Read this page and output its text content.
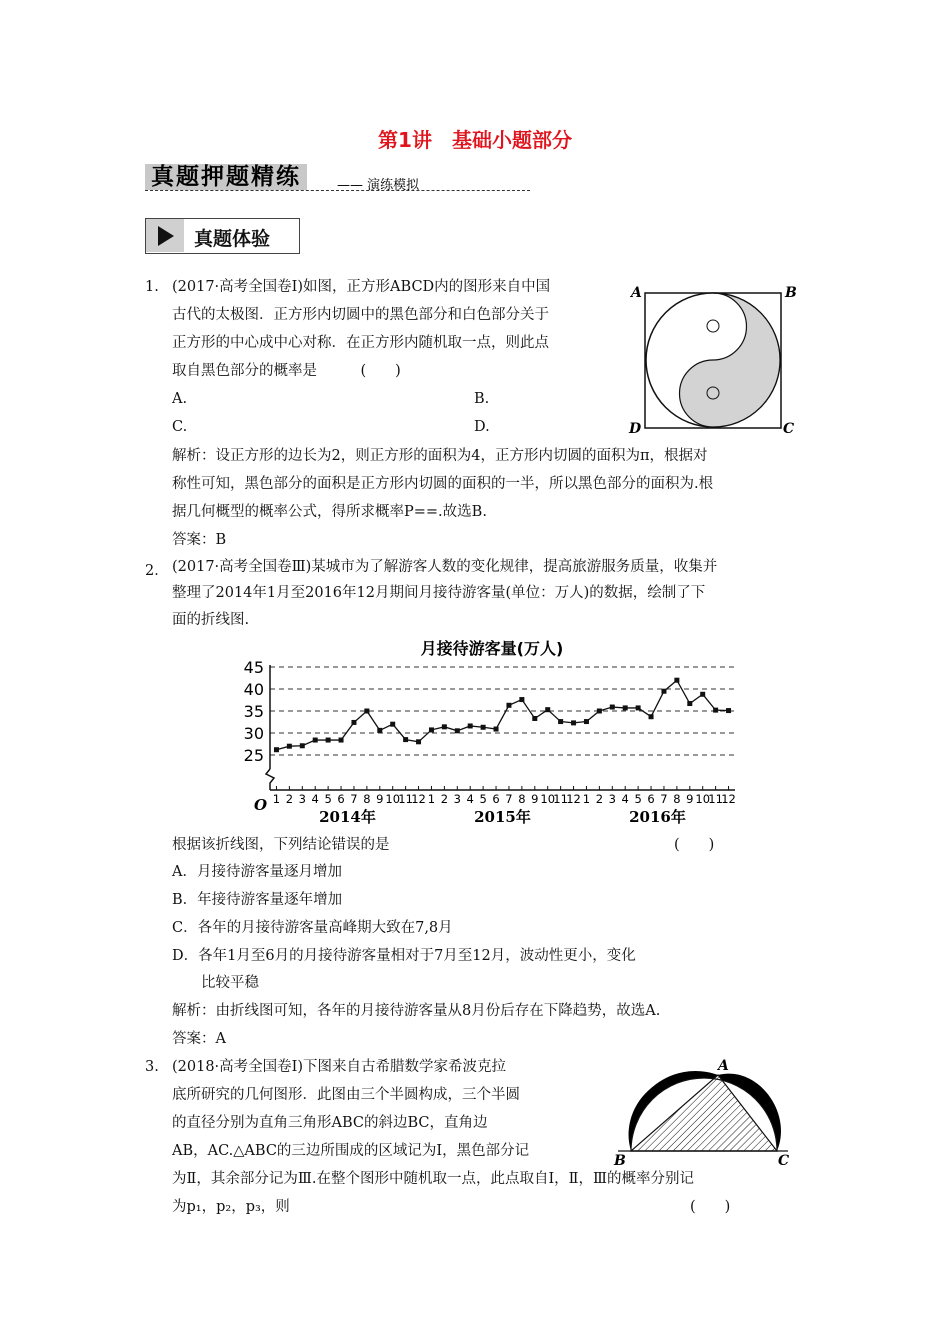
第1讲　基础小题部分
真题押题精练	—— 演练模拟
真题体验
1. (2017·高考全国卷Ⅰ)如图，正方形ABCD内的图形来自中国
古代的太极图．正方形内切圆中的黑色部分和白色部分关于
正方形的中心成中心对称．在正方形内随机取一点，则此点
取自黑色部分的概率是　　　(　　)
A.	B.
C.	D.
解析：设正方形的边长为2，则正方形的面积为4，正方形内切圆的面积为π，根据对
称性可知，黑色部分的面积是正方形内切圆的面积的一半，所以黑色部分的面积为.根
据几何概型的概率公式，得所求概率P==.故选B.
答案：B
A	B
C
D
2． (2017·高考全国卷Ⅲ)某城市为了解游客人数的变化规律，提高旅游服务质量，收集并
整理了2014年1月至2016年12月期间月接待游客量(单位：万人)的数据，绘制了下
面的折线图.
月接待游客量(万人)
25
30
35
40
45
1 2 3 4 5 6 7 8 9 10
11
12 1 2 3 4 5 6 7 8 9 10
11
12 1 2 3 4 5 6 7 8 9 10
11
12
2014年	2015年	2016年
O
根据该折线图，下列结论错误的是	(　　)
A．月接待游客量逐月增加
B．年接待游客量逐年增加
C．各年的月接待游客量高峰期大致在7,8月
D．各年1月至6月的月接待游客量相对于7月至12月，波动性更小，变化
　　比较平稳
解析：由折线图可知，各年的月接待游客量从8月份后存在下降趋势，故选A.
答案：A
3. (2018·高考全国卷Ⅰ)下图来自古希腊数学家希波克拉
底所研究的几何图形．此图由三个半圆构成，三个半圆
的直径分别为直角三角形ABC的斜边BC，直角边
AB，AC.△ABC的三边所围成的区域记为Ⅰ，黑色部分记
为Ⅱ，其余部分记为Ⅲ.在整个图形中随机取一点，此点取自Ⅰ，Ⅱ，Ⅲ的概率分别记
为p₁，p₂，p₃，则	(　　)
A
B	C
